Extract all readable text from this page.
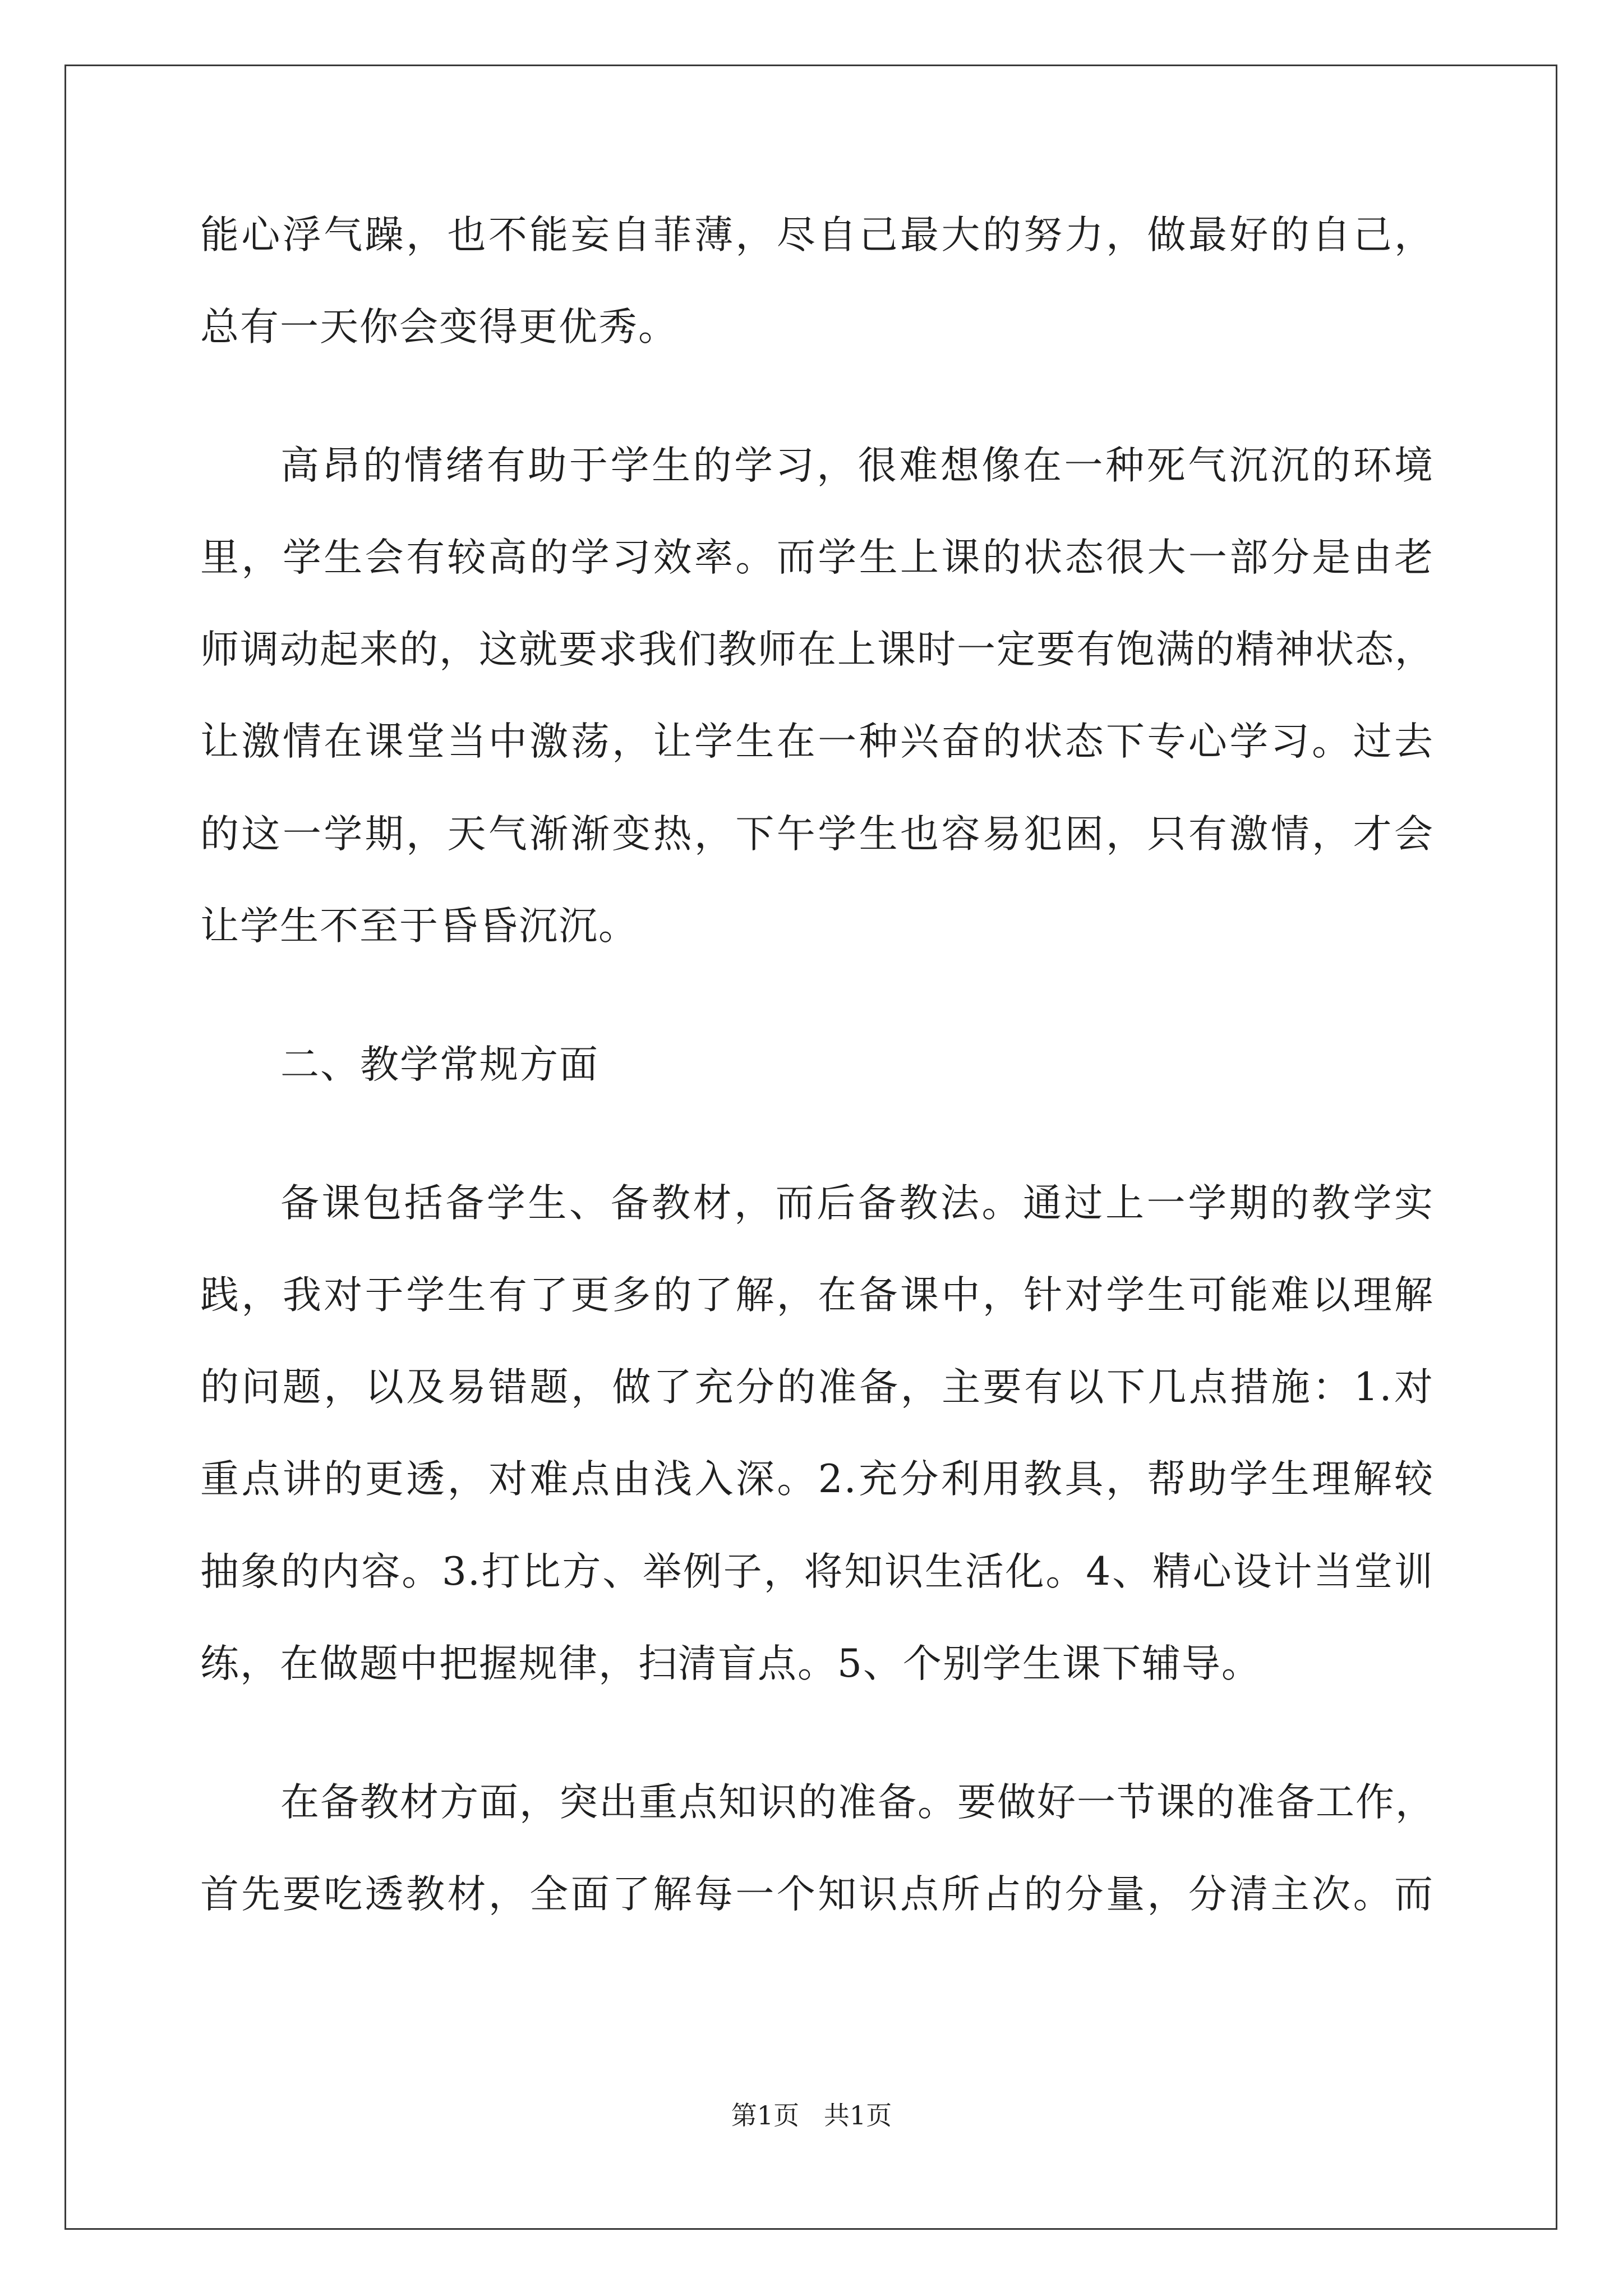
能心浮气躁，也不能妄自菲薄，尽自己最大的努力，做最好的自己，
总有一天你会变得更优秀。
高昂的情绪有助于学生的学习，很难想像在一种死气沉沉的环境
里，学生会有较高的学习效率。而学生上课的状态很大一部分是由老
师调动起来的，这就要求我们教师在上课时一定要有饱满的精神状态，
让激情在课堂当中激荡，让学生在一种兴奋的状态下专心学习。过去
的这一学期，天气渐渐变热，下午学生也容易犯困，只有激情，才会
让学生不至于昏昏沉沉。
二、教学常规方面
备课包括备学生、备教材，而后备教法。通过上一学期的教学实
践，我对于学生有了更多的了解，在备课中，针对学生可能难以理解
的问题，以及易错题，做了充分的准备，主要有以下几点措施：1.对
重点讲的更透，对难点由浅入深。2.充分利用教具，帮助学生理解较
抽象的内容。3.打比方、举例子，将知识生活化。4、精心设计当堂训
练，在做题中把握规律，扫清盲点。5、个别学生课下辅导。
在备教材方面，突出重点知识的准备。要做好一节课的准备工作，
首先要吃透教材，全面了解每一个知识点所占的分量，分清主次。而
第1页   共1页
